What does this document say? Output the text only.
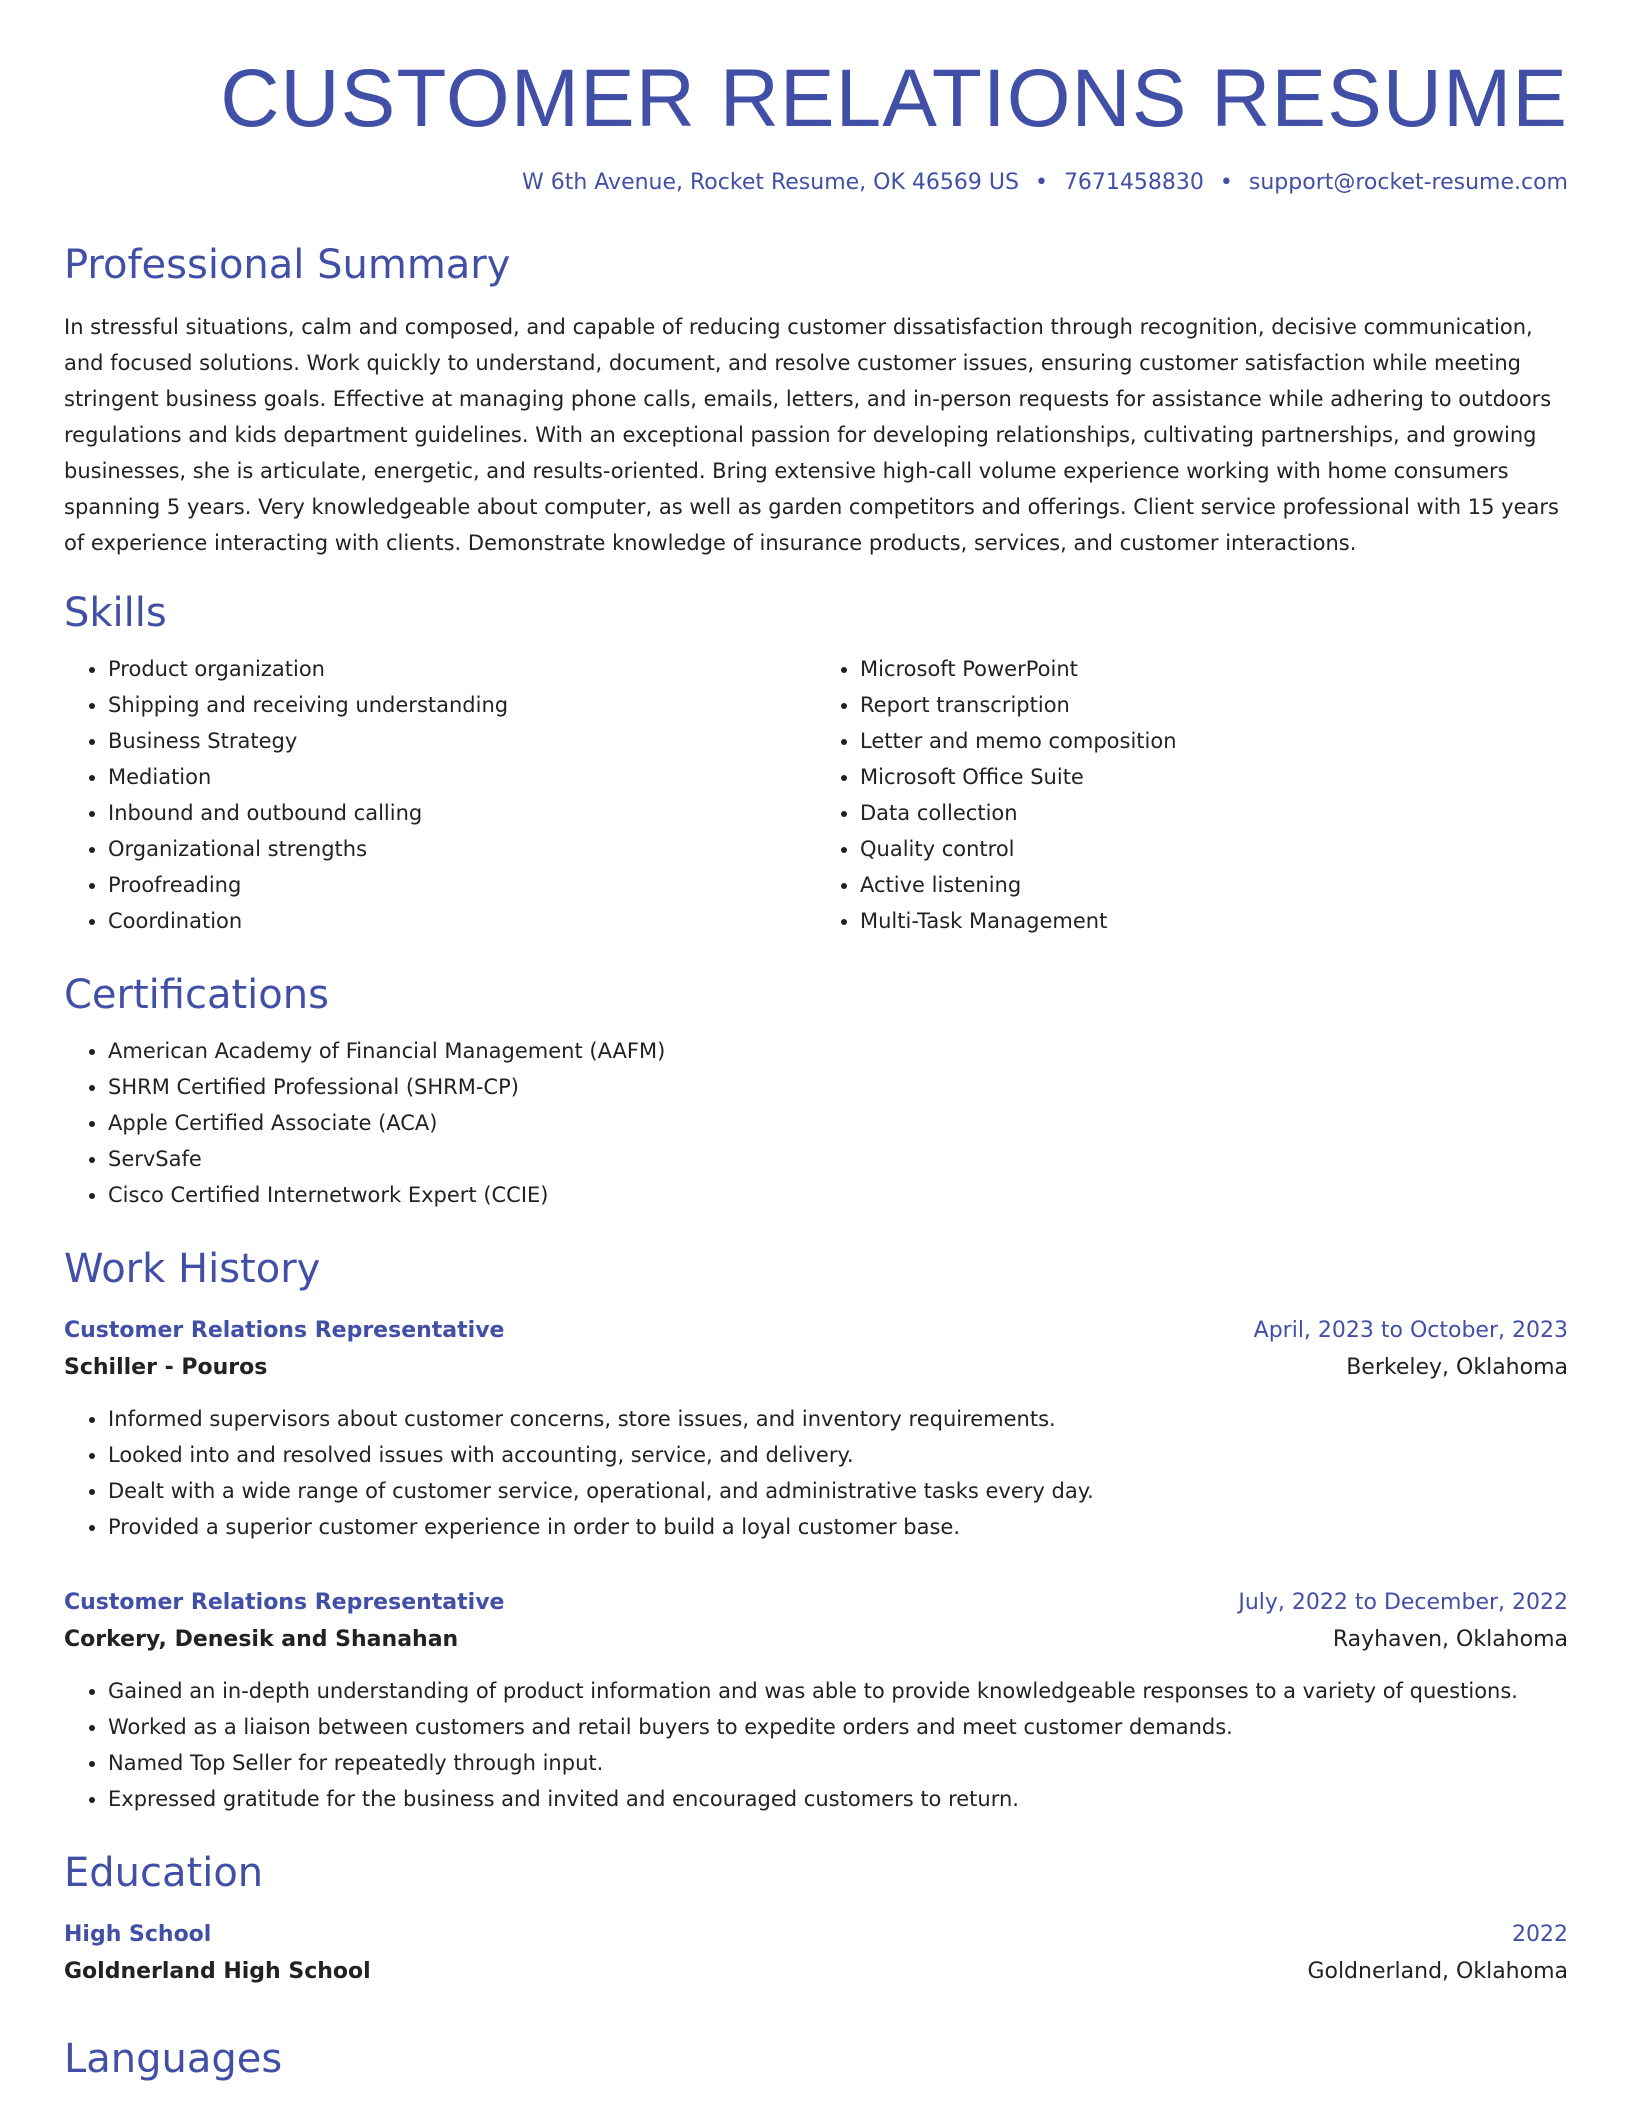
CUSTOMER RELATIONS RESUME
W 6th Avenue, Rocket Resume, OK 46569 US • 7671458830 • support@rocket-resume.com
Professional Summary

In stressful situations, calm and composed, and capable of reducing customer dissatisfaction through recognition, decisive communication, and focused solutions. Work quickly to understand, document, and resolve customer issues, ensuring customer satisfaction while meeting stringent business goals. Effective at managing phone calls, emails, letters, and in-person requests for assistance while adhering to outdoors regulations and kids department guidelines. With an exceptional passion for developing relationships, cultivating partnerships, and growing businesses, she is articulate, energetic, and results-oriented. Bring extensive high-call volume experience working with home consumers spanning 5 years. Very knowledgeable about computer, as well as garden competitors and offerings. Client service professional with 15 years of experience interacting with clients. Demonstrate knowledge of insurance products, services, and customer interactions.

Skills
• Product organization
• Shipping and receiving understanding
• Business Strategy
• Mediation
• Inbound and outbound calling
• Organizational strengths
• Proofreading
• Coordination
• Microsoft PowerPoint
• Report transcription
• Letter and memo composition
• Microsoft Office Suite
• Data collection
• Quality control
• Active listening
• Multi-Task Management
Certifications
• American Academy of Financial Management (AAFM)
• SHRM Certified Professional (SHRM-CP)
• Apple Certified Associate (ACA)
• ServSafe
• Cisco Certified Internetwork Expert (CCIE)
Work History
Customer Relations Representative	April, 2023 to October, 2023
Schiller - Pouros	Berkeley, Oklahoma
• Informed supervisors about customer concerns, store issues, and inventory requirements.
• Looked into and resolved issues with accounting, service, and delivery.
• Dealt with a wide range of customer service, operational, and administrative tasks every day.
• Provided a superior customer experience in order to build a loyal customer base.
Customer Relations Representative	July, 2022 to December, 2022
Corkery, Denesik and Shanahan	Rayhaven, Oklahoma
• Gained an in-depth understanding of product information and was able to provide knowledgeable responses to a variety of questions.
• Worked as a liaison between customers and retail buyers to expedite orders and meet customer demands.
• Named Top Seller for repeatedly through input.
• Expressed gratitude for the business and invited and encouraged customers to return.
Education
High School	2022
Goldnerland High School	Goldnerland, Oklahoma
Languages
